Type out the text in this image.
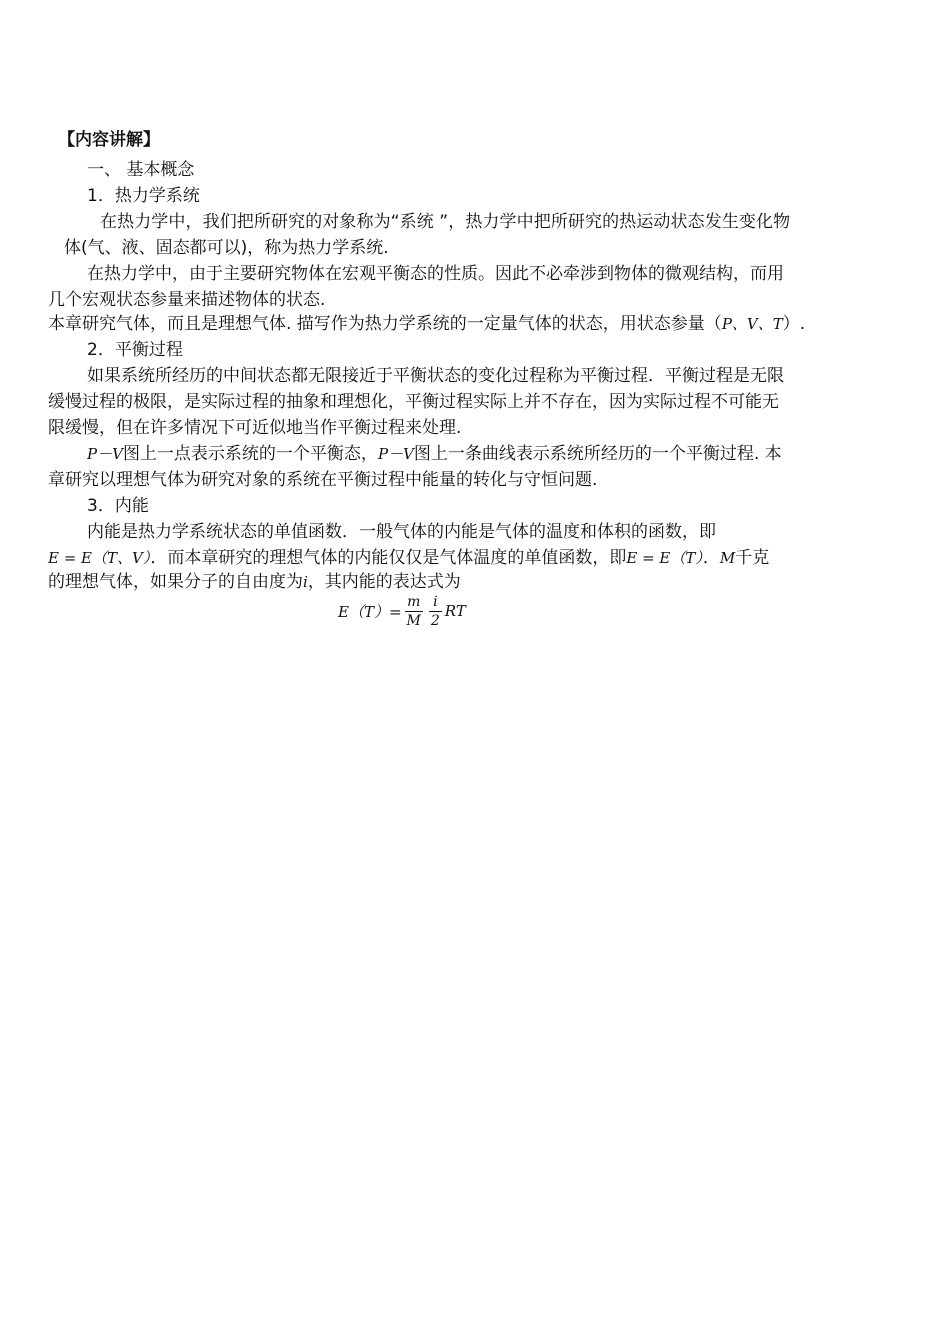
【内容讲解】
一、 基本概念
1．热力学系统
在热力学中，我们把所研究的对象称为“系统 ”，热力学中把所研究的热运动状态发生变化物
体(气、液、固态都可以)，称为热力学系统.
在热力学中，由于主要研究物体在宏观平衡态的性质。因此不必牵涉到物体的微观结构，而用
几个宏观状态参量来描述物体的状态.
本章研究气体，而且是理想气体. 描写作为热力学系统的一定量气体的状态，用状态参量（P、V、T）.
2．平衡过程
如果系统所经历的中间状态都无限接近于平衡状态的变化过程称为平衡过程．平衡过程是无限
缓慢过程的极限，是实际过程的抽象和理想化，平衡过程实际上并不存在，因为实际过程不可能无
限缓慢，但在许多情况下可近似地当作平衡过程来处理.
P－V图上一点表示系统的一个平衡态，P－V图上一条曲线表示系统所经历的一个平衡过程. 本
章研究以理想气体为研究对象的系统在平衡过程中能量的转化与守恒问题.
3．内能
内能是热力学系统状态的单值函数．一般气体的内能是气体的温度和体积的函数，即
E = E（T、V）．而本章研究的理想气体的内能仅仅是气体温度的单值函数，即E = E（T）．M千克
的理想气体，如果分子的自由度为i，其内能的表达式为
$E(T)= \frac{m}{M} \frac{i}{2}$ RT
